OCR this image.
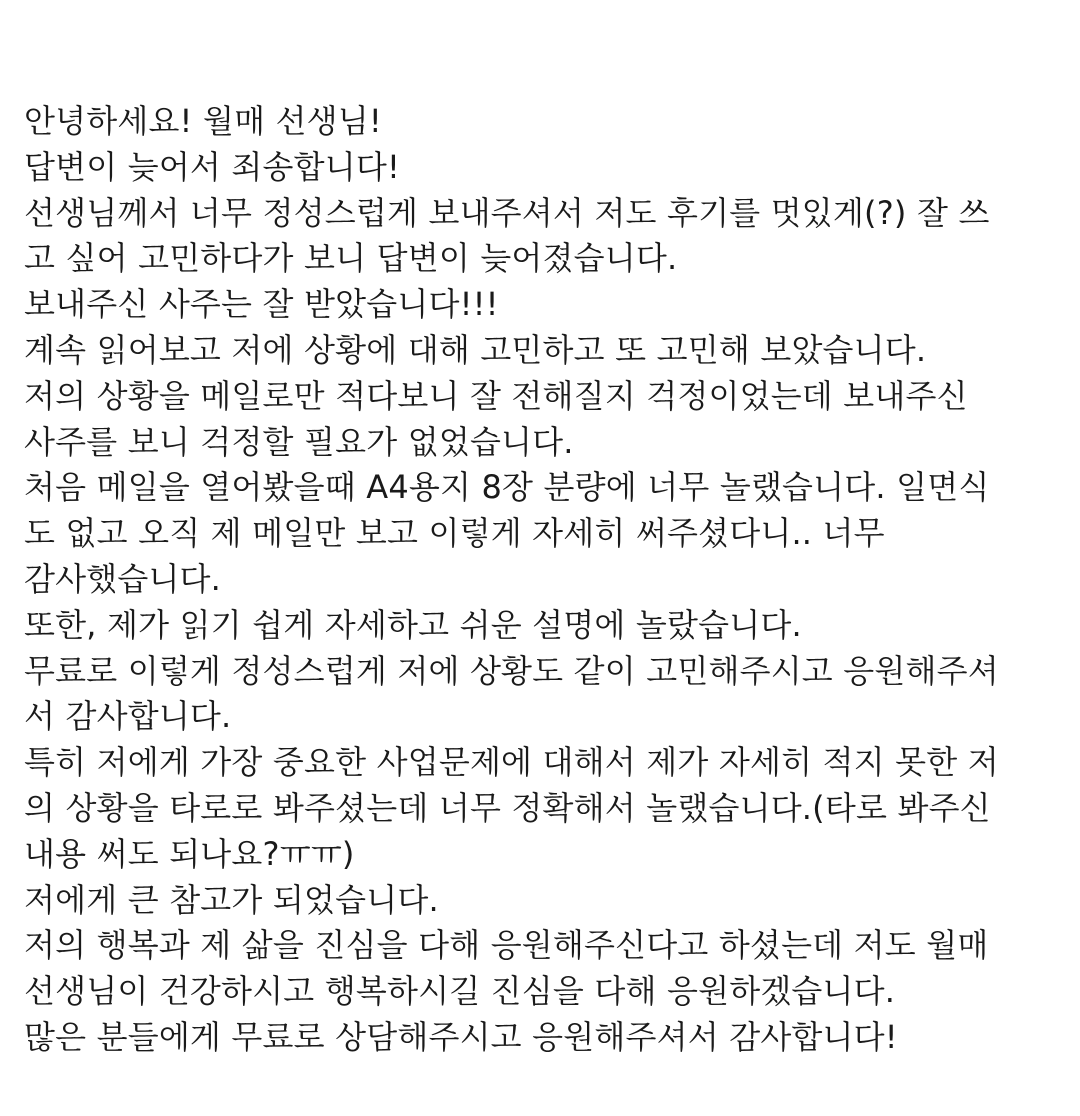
안녕하세요! 월매 선생님!
답변이 늦어서 죄송합니다!
선생님께서 너무 정성스럽게 보내주셔서 저도 후기를 멋있게(?) 잘 쓰
고 싶어 고민하다가 보니 답변이 늦어졌습니다.
보내주신 사주는 잘 받았습니다!!!
계속 읽어보고 저에 상황에 대해 고민하고 또 고민해 보았습니다.
저의 상황을 메일로만 적다보니 잘 전해질지 걱정이었는데 보내주신
사주를 보니 걱정할 필요가 없었습니다.
처음 메일을 열어봤을때 A4용지 8장 분량에 너무 놀랬습니다. 일면식
도 없고 오직 제 메일만 보고 이렇게 자세히 써주셨다니.. 너무
감사했습니다.
또한, 제가 읽기 쉽게 자세하고 쉬운 설명에 놀랐습니다.
무료로 이렇게 정성스럽게 저에 상황도 같이 고민해주시고 응원해주셔
서 감사합니다.
특히 저에게 가장 중요한 사업문제에 대해서 제가 자세히 적지 못한 저
의 상황을 타로로 봐주셨는데 너무 정확해서 놀랬습니다.(타로 봐주신
내용 써도 되나요?ㅠㅠ)
저에게 큰 참고가 되었습니다.
저의 행복과 제 삶을 진심을 다해 응원해주신다고 하셨는데 저도 월매
선생님이 건강하시고 행복하시길 진심을 다해 응원하겠습니다.
많은 분들에게 무료로 상담해주시고 응원해주셔서 감사합니다!
